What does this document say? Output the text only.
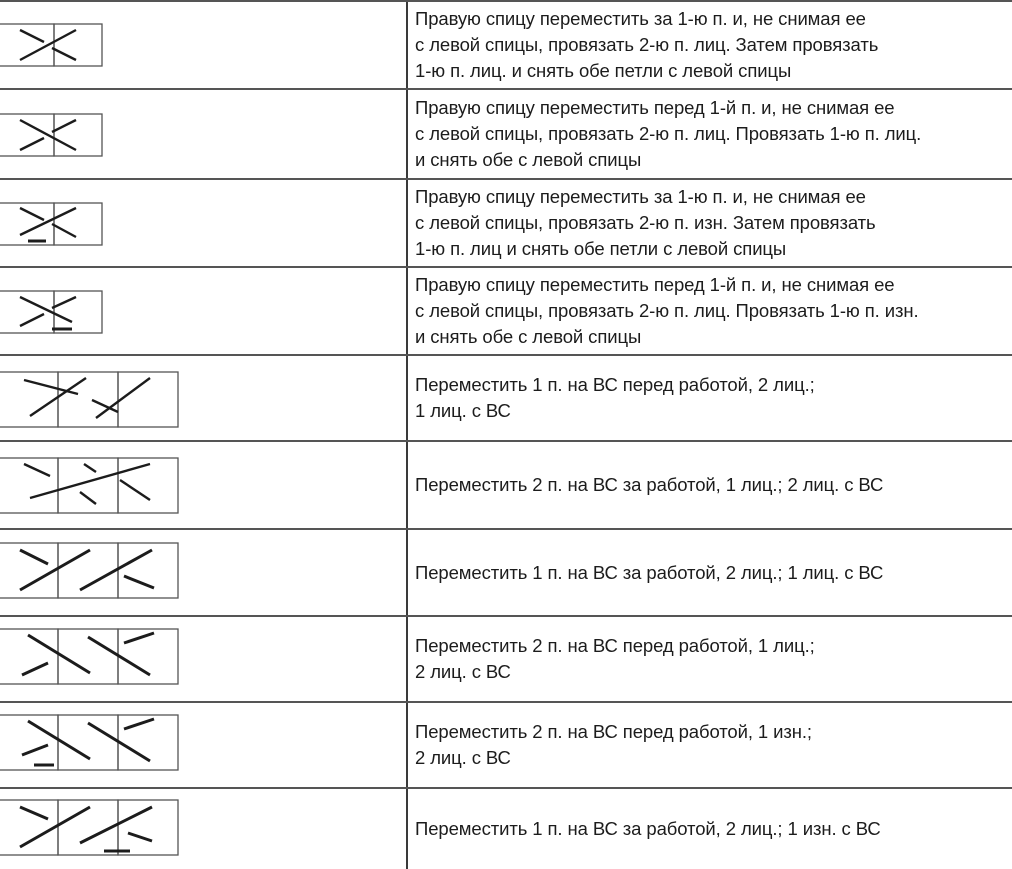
Правую спицу переместить за 1-ю п. и, не снимая ее
с левой спицы, провязать 2-ю п. лиц. Затем провязать
1-ю п. лиц. и снять обе петли с левой спицы
Правую спицу переместить перед 1-й п. и, не снимая ее
с левой спицы, провязать 2-ю п. лиц. Провязать 1-ю п. лиц.
и снять обе с левой спицы
Правую спицу переместить за 1-ю п. и, не снимая ее
с левой спицы, провязать 2-ю п. изн. Затем провязать
1-ю п. лиц и снять обе петли с левой спицы
Правую спицу переместить перед 1-й п. и, не снимая ее
с левой спицы, провязать 2-ю п. лиц. Провязать 1-ю п. изн.
и снять обе с левой спицы
Переместить 1 п. на ВС перед работой, 2 лиц.;
1 лиц. с ВС
Переместить 2 п. на ВС за работой, 1 лиц.; 2 лиц. с ВС
Переместить 1 п. на ВС за работой, 2 лиц.; 1 лиц. с ВС
Переместить 2 п. на ВС перед работой, 1 лиц.;
2 лиц. с ВС
Переместить 2 п. на ВС перед работой, 1 изн.;
2 лиц. с ВС
Переместить 1 п. на ВС за работой, 2 лиц.; 1 изн. с ВС
